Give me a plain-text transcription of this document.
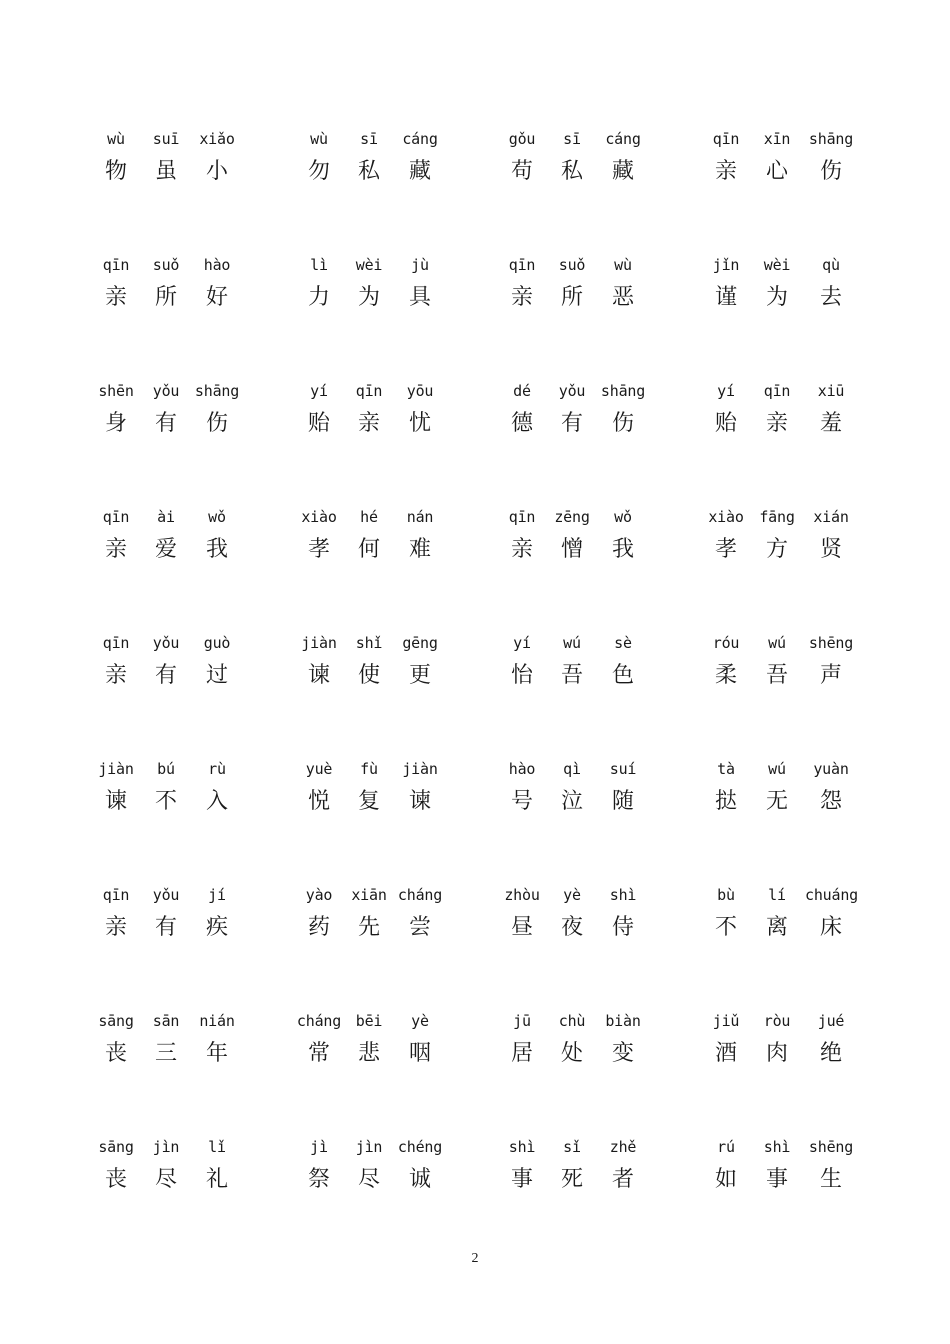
wù
物
suī
虽
xiǎo
小
wù
勿
sī
私
cáng
藏
gǒu
苟
sī
私
cáng
藏
qīn
亲
xīn
心
shāng
伤
qīn
亲
suǒ
所
hào
好
lì
力
wèi
为
jù
具
qīn
亲
suǒ
所
wù
恶
jǐn
谨
wèi
为
qù
去
shēn
身
yǒu
有
shāng
伤
yí
贻
qīn
亲
yōu
忧
dé
德
yǒu
有
shāng
伤
yí
贻
qīn
亲
xiū
羞
qīn
亲
ài
爱
wǒ
我
xiào
孝
hé
何
nán
难
qīn
亲
zēng
憎
wǒ
我
xiào
孝
fāng
方
xián
贤
qīn
亲
yǒu
有
guò
过
jiàn
谏
shǐ
使
gēng
更
yí
怡
wú
吾
sè
色
róu
柔
wú
吾
shēng
声
jiàn
谏
bú
不
rù
入
yuè
悦
fù
复
jiàn
谏
hào
号
qì
泣
suí
随
tà
挞
wú
无
yuàn
怨
qīn
亲
yǒu
有
jí
疾
yào
药
xiān
先
cháng
尝
zhòu
昼
yè
夜
shì
侍
bù
不
lí
离
chuáng
床
sāng
丧
sān
三
nián
年
cháng
常
bēi
悲
yè
咽
jū
居
chù
处
biàn
变
jiǔ
酒
ròu
肉
jué
绝
sāng
丧
jìn
尽
lǐ
礼
jì
祭
jìn
尽
chéng
诚
shì
事
sǐ
死
zhě
者
rú
如
shì
事
shēng
生
2
